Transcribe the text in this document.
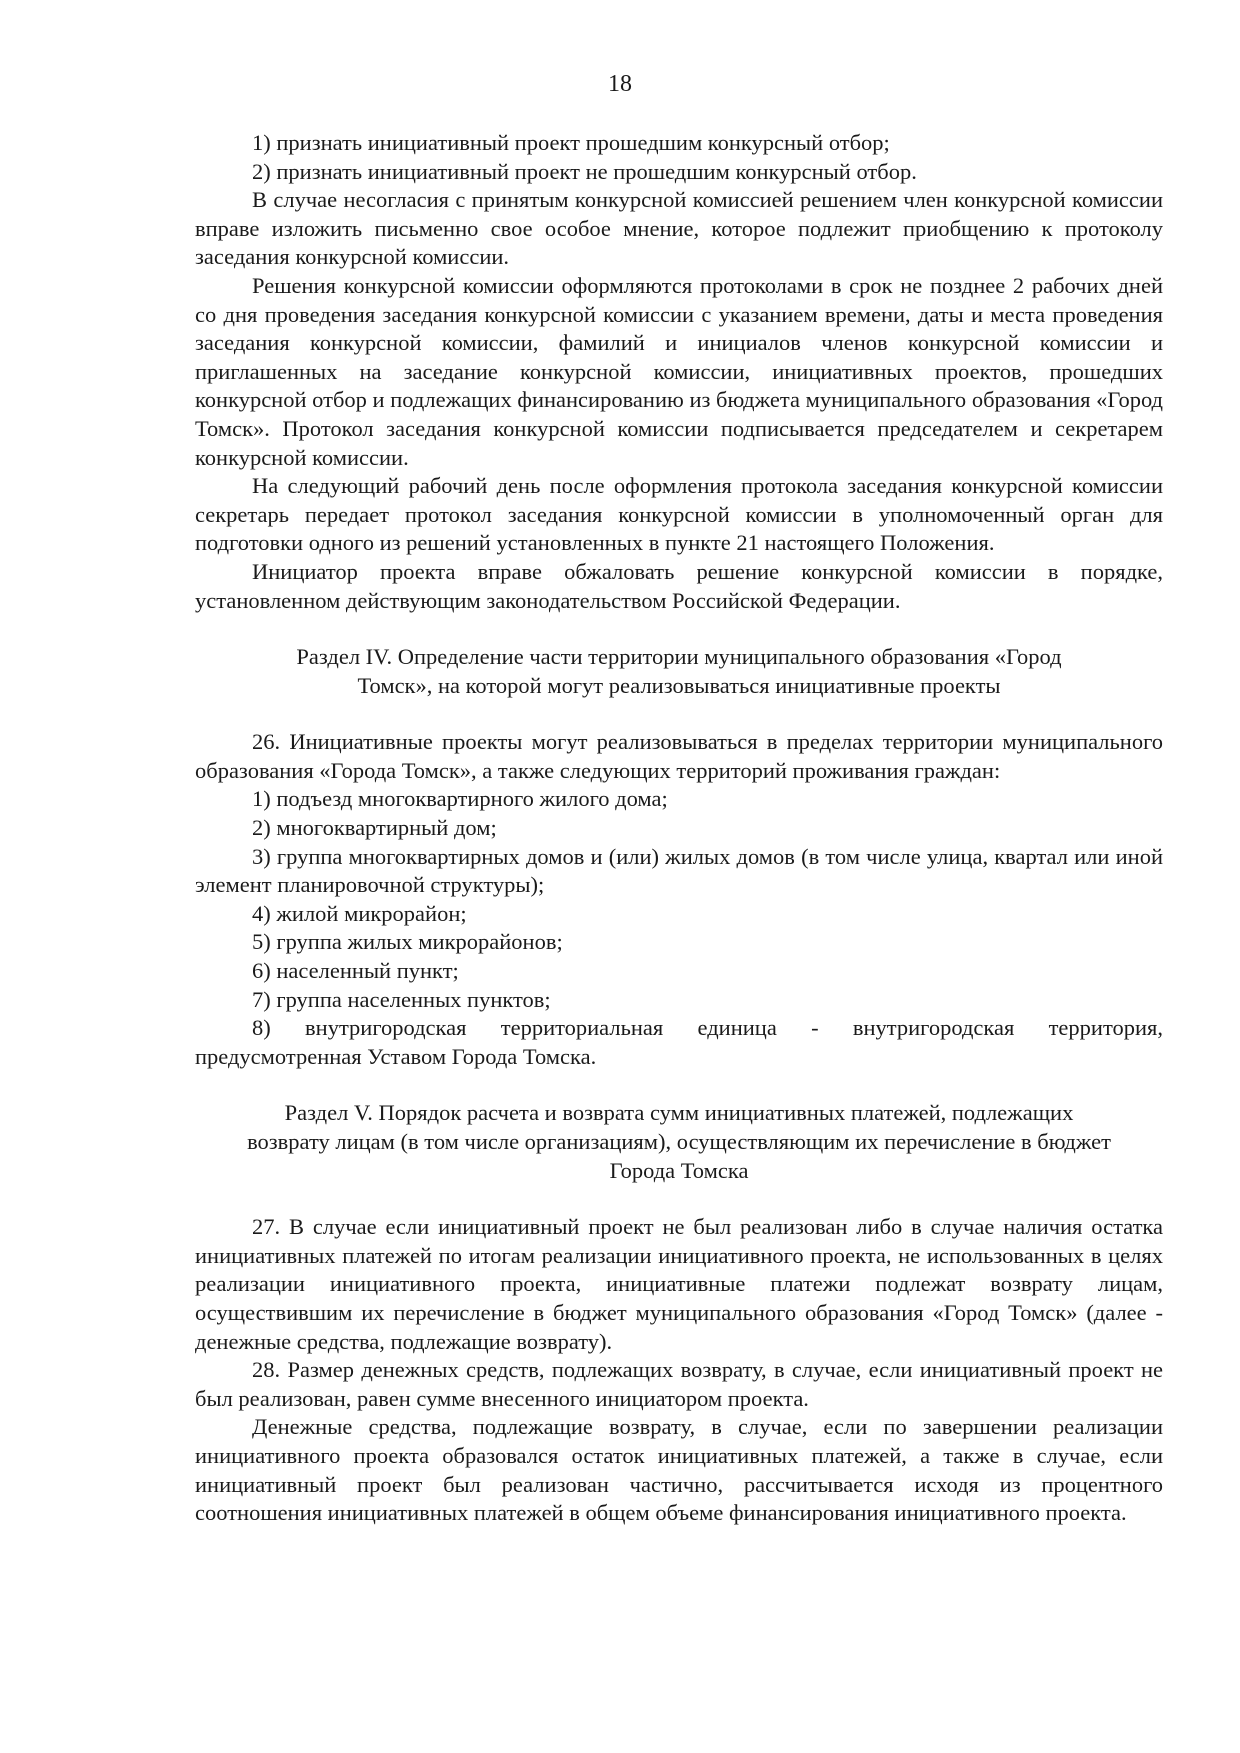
18

1) признать инициативный проект прошедшим конкурсный отбор;

2) признать инициативный проект не прошедшим конкурсный отбор.

В случае несогласия с принятым конкурсной комиссией решением член конкурсной комиссии вправе изложить письменно свое особое мнение, которое подлежит приобщению к протоколу заседания конкурсной комиссии.

Решения конкурсной комиссии оформляются протоколами в срок не позднее 2 рабочих дней со дня проведения заседания конкурсной комиссии с указанием времени, даты и места проведения заседания конкурсной комиссии, фамилий и инициалов членов конкурсной комиссии и приглашенных на заседание конкурсной комиссии, инициативных проектов, прошедших конкурсной отбор и подлежащих финансированию из бюджета муниципального образования «Город Томск». Протокол заседания конкурсной комиссии подписывается председателем и секретарем конкурсной комиссии.

На следующий рабочий день после оформления протокола заседания конкурсной комиссии секретарь передает протокол заседания конкурсной комиссии в уполномоченный орган для подготовки одного из решений установленных в пункте 21 настоящего Положения.

Инициатор проекта вправе обжаловать решение конкурсной комиссии в порядке, установленном действующим законодательством Российской Федерации.

Раздел IV. Определение части территории муниципального образования «Город

Томск», на которой могут реализовываться инициативные проекты

26. Инициативные проекты могут реализовываться в пределах территории муниципального образования «Города Томск», а также следующих территорий проживания граждан:

1) подъезд многоквартирного жилого дома;

2) многоквартирный дом;

3) группа многоквартирных домов и (или) жилых домов (в том числе улица, квартал или иной элемент планировочной структуры);

4) жилой микрорайон;

5) группа жилых микрорайонов;

6) населенный пункт;

7) группа населенных пунктов;

8) внутригородская территориальная единица - внутригородская территория, предусмотренная Уставом Города Томска.

Раздел V. Порядок расчета и возврата сумм инициативных платежей, подлежащих

возврату лицам (в том числе организациям), осуществляющим их перечисление в бюджет

Города Томска

27. В случае если инициативный проект не был реализован либо в случае наличия остатка инициативных платежей по итогам реализации инициативного проекта, не использованных в целях реализации инициативного проекта, инициативные платежи подлежат возврату лицам, осуществившим их перечисление в бюджет муниципального образования «Город Томск» (далее - денежные средства, подлежащие возврату).

28. Размер денежных средств, подлежащих возврату, в случае, если инициативный проект не был реализован, равен сумме внесенного инициатором проекта.

Денежные средства, подлежащие возврату, в случае, если по завершении реализации инициативного проекта образовался остаток инициативных платежей, а также в случае, если инициативный проект был реализован частично, рассчитывается исходя из процентного соотношения инициативных платежей в общем объеме финансирования инициативного проекта.
